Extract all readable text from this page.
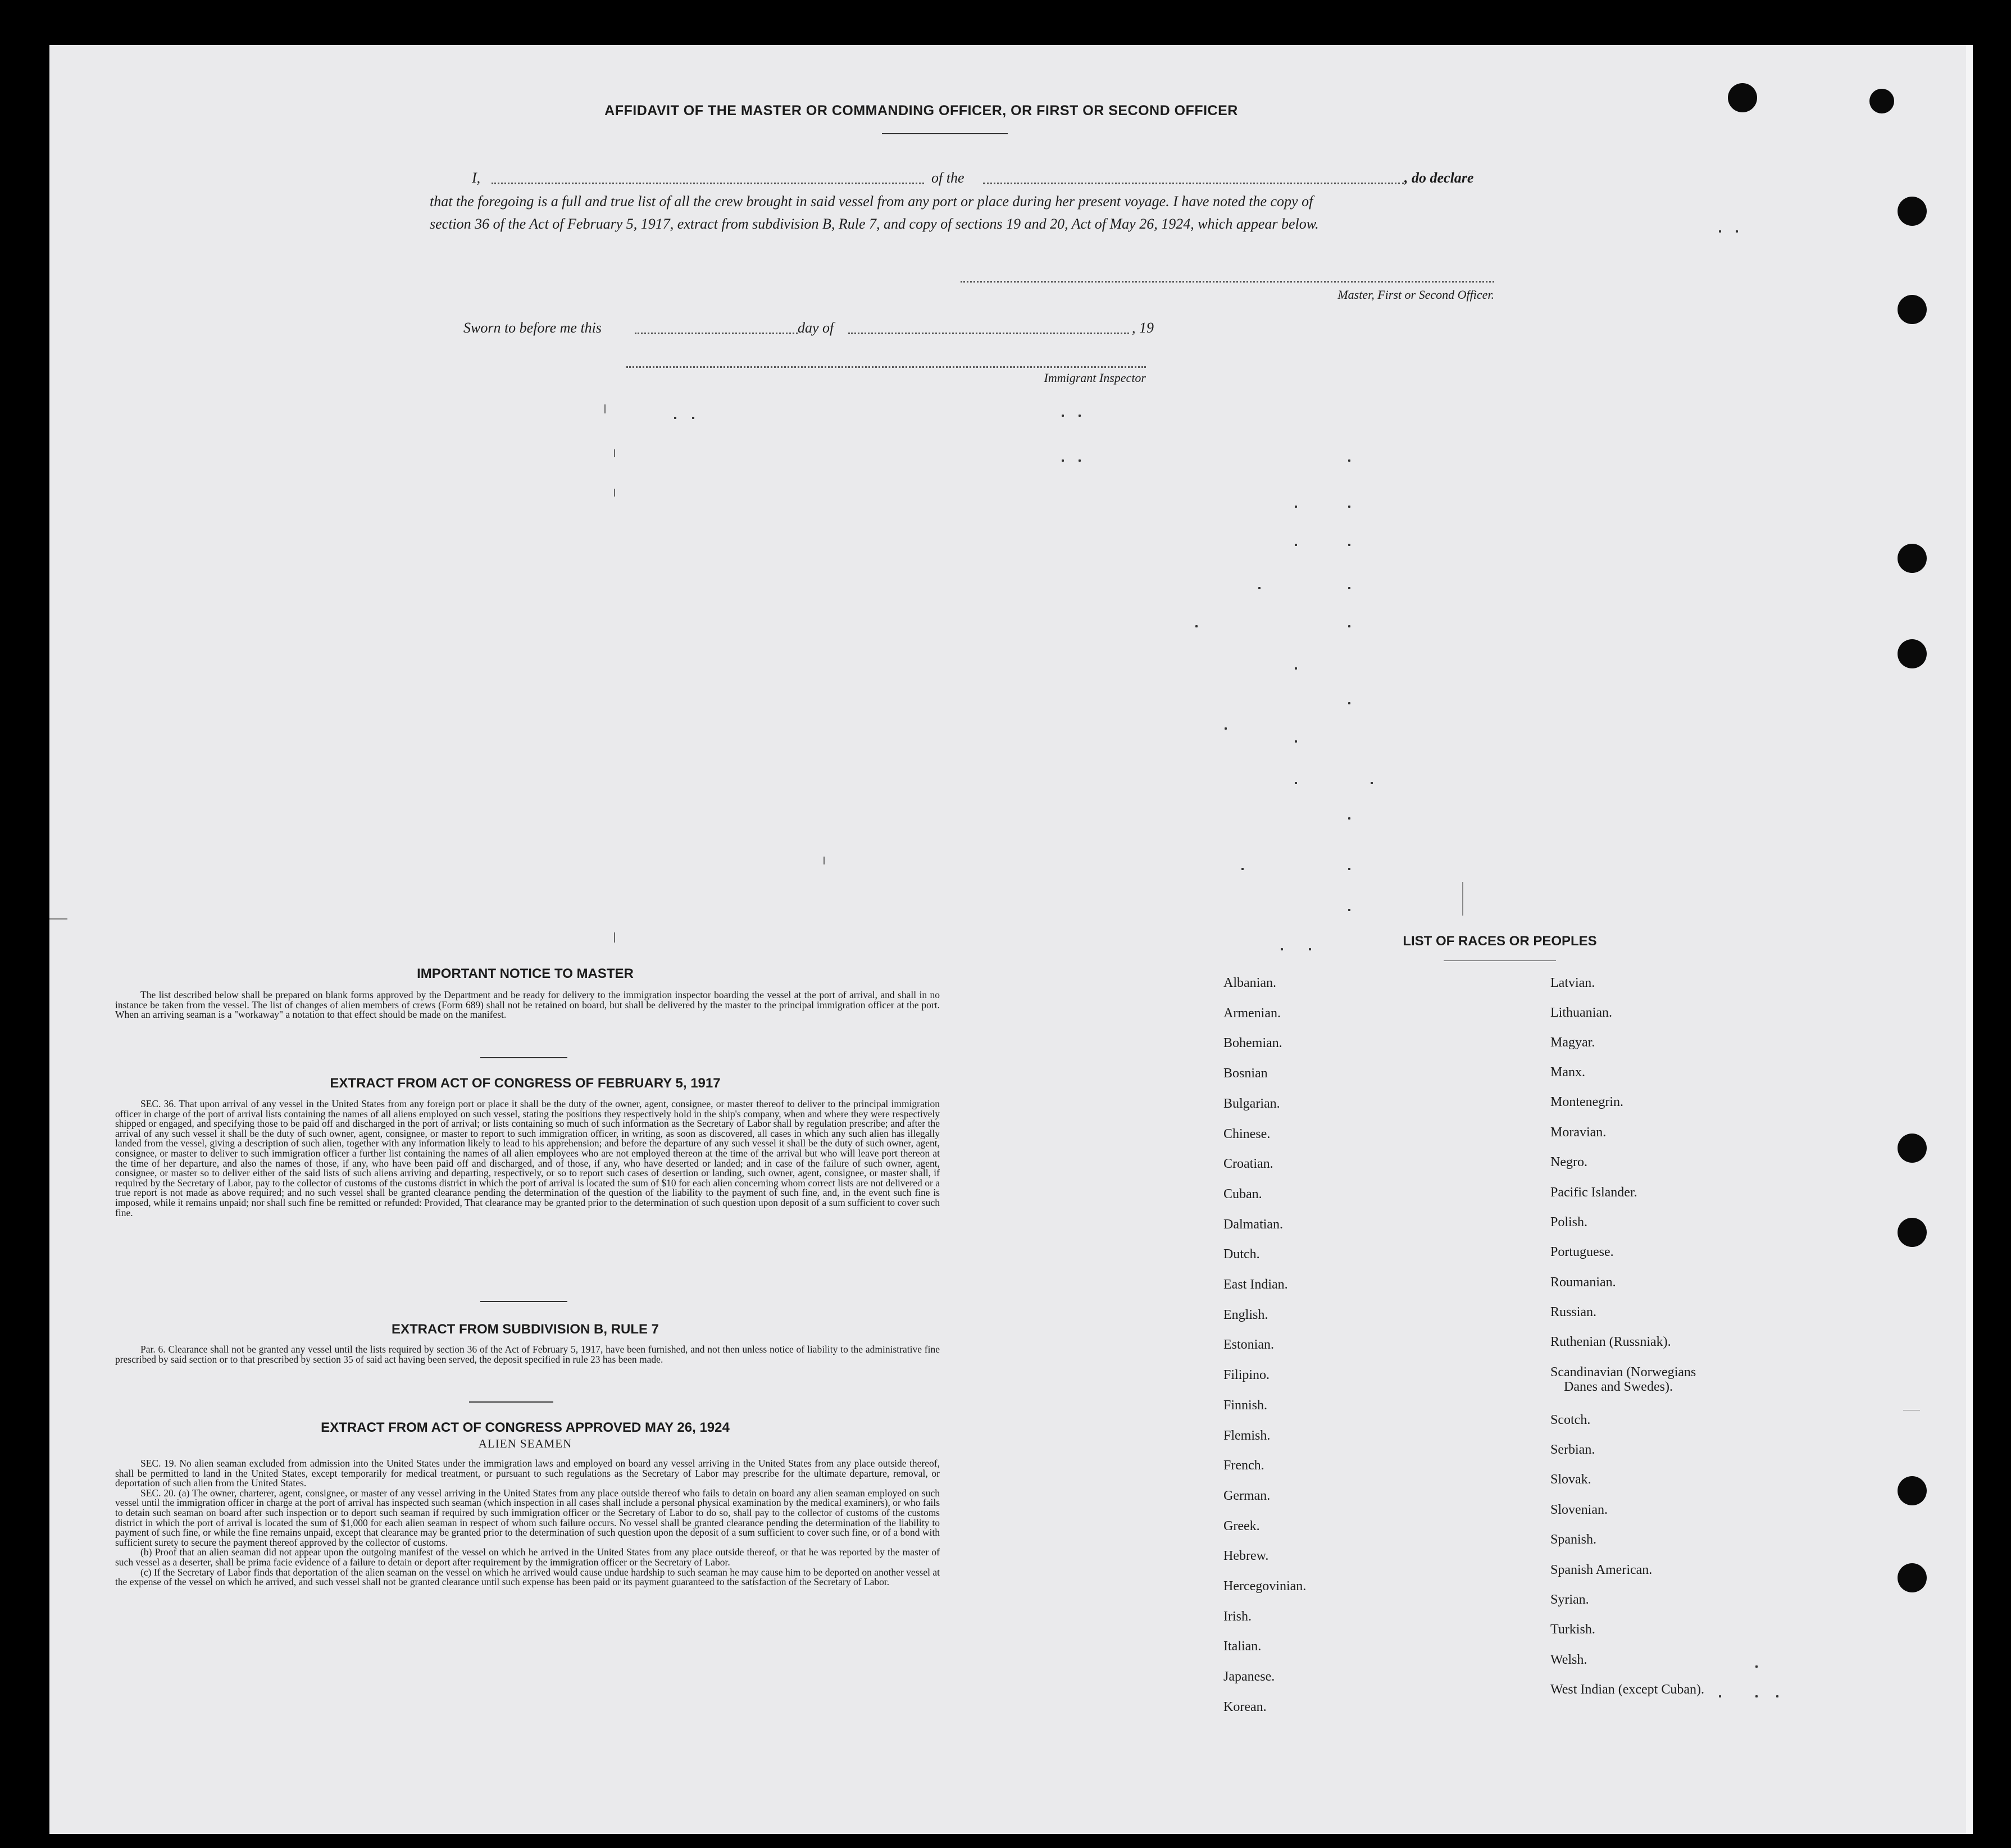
AFFIDAVIT OF THE MASTER OR COMMANDING OFFICER, OR FIRST OR SECOND OFFICER
I,	of the	, do declare
that the foregoing is a full and true list of all the crew brought in said vessel from any port or place during her present voyage. I have noted the copy of
section 36 of the Act of February 5, 1917, extract from subdivision B, Rule 7, and copy of sections 19 and 20, Act of May 26, 1924, which appear below.
Master, First or Second Officer.
Sworn to before me this	day of	, 19
Immigrant Inspector
IMPORTANT NOTICE TO MASTER

The list described below shall be prepared on blank forms approved by the Department and be ready for delivery to the immigration inspector boarding the vessel at the port of arrival, and shall in no instance be taken from the vessel. The list of changes of alien members of crews (Form 689) shall not be retained on board, but shall be delivered by the master to the principal immigration officer at the port. When an arriving seaman is a "workaway" a notation to that effect should be made on the manifest.

EXTRACT FROM ACT OF CONGRESS OF FEBRUARY 5, 1917

SEC. 36. That upon arrival of any vessel in the United States from any foreign port or place it shall be the duty of the owner, agent, consignee, or master thereof to deliver to the principal immigration officer in charge of the port of arrival lists containing the names of all aliens employed on such vessel, stating the positions they respectively hold in the ship's company, when and where they were respectively shipped or engaged, and specifying those to be paid off and discharged in the port of arrival; or lists containing so much of such information as the Secretary of Labor shall by regulation prescribe; and after the arrival of any such vessel it shall be the duty of such owner, agent, consignee, or master to report to such immigration officer, in writing, as soon as discovered, all cases in which any such alien has illegally landed from the vessel, giving a description of such alien, together with any information likely to lead to his apprehension; and before the departure of any such vessel it shall be the duty of such owner, agent, consignee, or master to deliver to such immigration officer a further list containing the names of all alien employees who are not employed thereon at the time of the arrival but who will leave port thereon at the time of her departure, and also the names of those, if any, who have been paid off and discharged, and of those, if any, who have deserted or landed; and in case of the failure of such owner, agent, consignee, or master so to deliver either of the said lists of such aliens arriving and departing, respectively, or so to report such cases of desertion or landing, such owner, agent, consignee, or master shall, if required by the Secretary of Labor, pay to the collector of customs of the customs district in which the port of arrival is located the sum of $10 for each alien concerning whom correct lists are not delivered or a true report is not made as above required; and no such vessel shall be granted clearance pending the determination of the question of the liability to the payment of such fine, and, in the event such fine is imposed, while it remains unpaid; nor shall such fine be remitted or refunded: Provided, That clearance may be granted prior to the determination of such question upon deposit of a sum sufficient to cover such fine.

EXTRACT FROM SUBDIVISION B, RULE 7

Par. 6. Clearance shall not be granted any vessel until the lists required by section 36 of the Act of February 5, 1917, have been furnished, and not then unless notice of liability to the administrative fine prescribed by said section or to that prescribed by section 35 of said act having been served, the deposit specified in rule 23 has been made.

EXTRACT FROM ACT OF CONGRESS APPROVED MAY 26, 1924
ALIEN SEAMEN

SEC. 19. No alien seaman excluded from admission into the United States under the immigration laws and employed on board any vessel arriving in the United States from any place outside thereof, shall be permitted to land in the United States, except temporarily for medical treatment, or pursuant to such regulations as the Secretary of Labor may prescribe for the ultimate departure, removal, or deportation of such alien from the United States.

SEC. 20. (a) The owner, charterer, agent, consignee, or master of any vessel arriving in the United States from any place outside thereof who fails to detain on board any alien seaman employed on such vessel until the immigration officer in charge at the port of arrival has inspected such seaman (which inspection in all cases shall include a personal physical examination by the medical examiners), or who fails to detain such seaman on board after such inspection or to deport such seaman if required by such immigration officer or the Secretary of Labor to do so, shall pay to the collector of customs of the customs district in which the port of arrival is located the sum of $1,000 for each alien seaman in respect of whom such failure occurs. No vessel shall be granted clearance pending the determination of the liability to payment of such fine, or while the fine remains unpaid, except that clearance may be granted prior to the determination of such question upon the deposit of a sum sufficient to cover such fine, or of a bond with sufficient surety to secure the payment thereof approved by the collector of customs.

(b) Proof that an alien seaman did not appear upon the outgoing manifest of the vessel on which he arrived in the United States from any place outside thereof, or that he was reported by the master of such vessel as a deserter, shall be prima facie evidence of a failure to detain or deport after requirement by the immigration officer or the Secretary of Labor.

(c) If the Secretary of Labor finds that deportation of the alien seaman on the vessel on which he arrived would cause undue hardship to such seaman he may cause him to be deported on another vessel at the expense of the vessel on which he arrived, and such vessel shall not be granted clearance until such expense has been paid or its payment guaranteed to the satisfaction of the Secretary of Labor.

LIST OF RACES OR PEOPLES
Albanian.
Armenian.
Bohemian.
Bosnian
Bulgarian.
Chinese.
Croatian.
Cuban.
Dalmatian.
Dutch.
East Indian.
English.
Estonian.
Filipino.
Finnish.
Flemish.
French.
German.
Greek.
Hebrew.
Hercegovinian.
Irish.
Italian.
Japanese.
Korean.
Latvian.
Lithuanian.
Magyar.
Manx.
Montenegrin.
Moravian.
Negro.
Pacific Islander.
Polish.
Portuguese.
Roumanian.
Russian.
Ruthenian (Russniak).
Scandinavian (Norwegians
Danes and Swedes).
Scotch.
Serbian.
Slovak.
Slovenian.
Spanish.
Spanish American.
Syrian.
Turkish.
Welsh.
West Indian (except Cuban).
